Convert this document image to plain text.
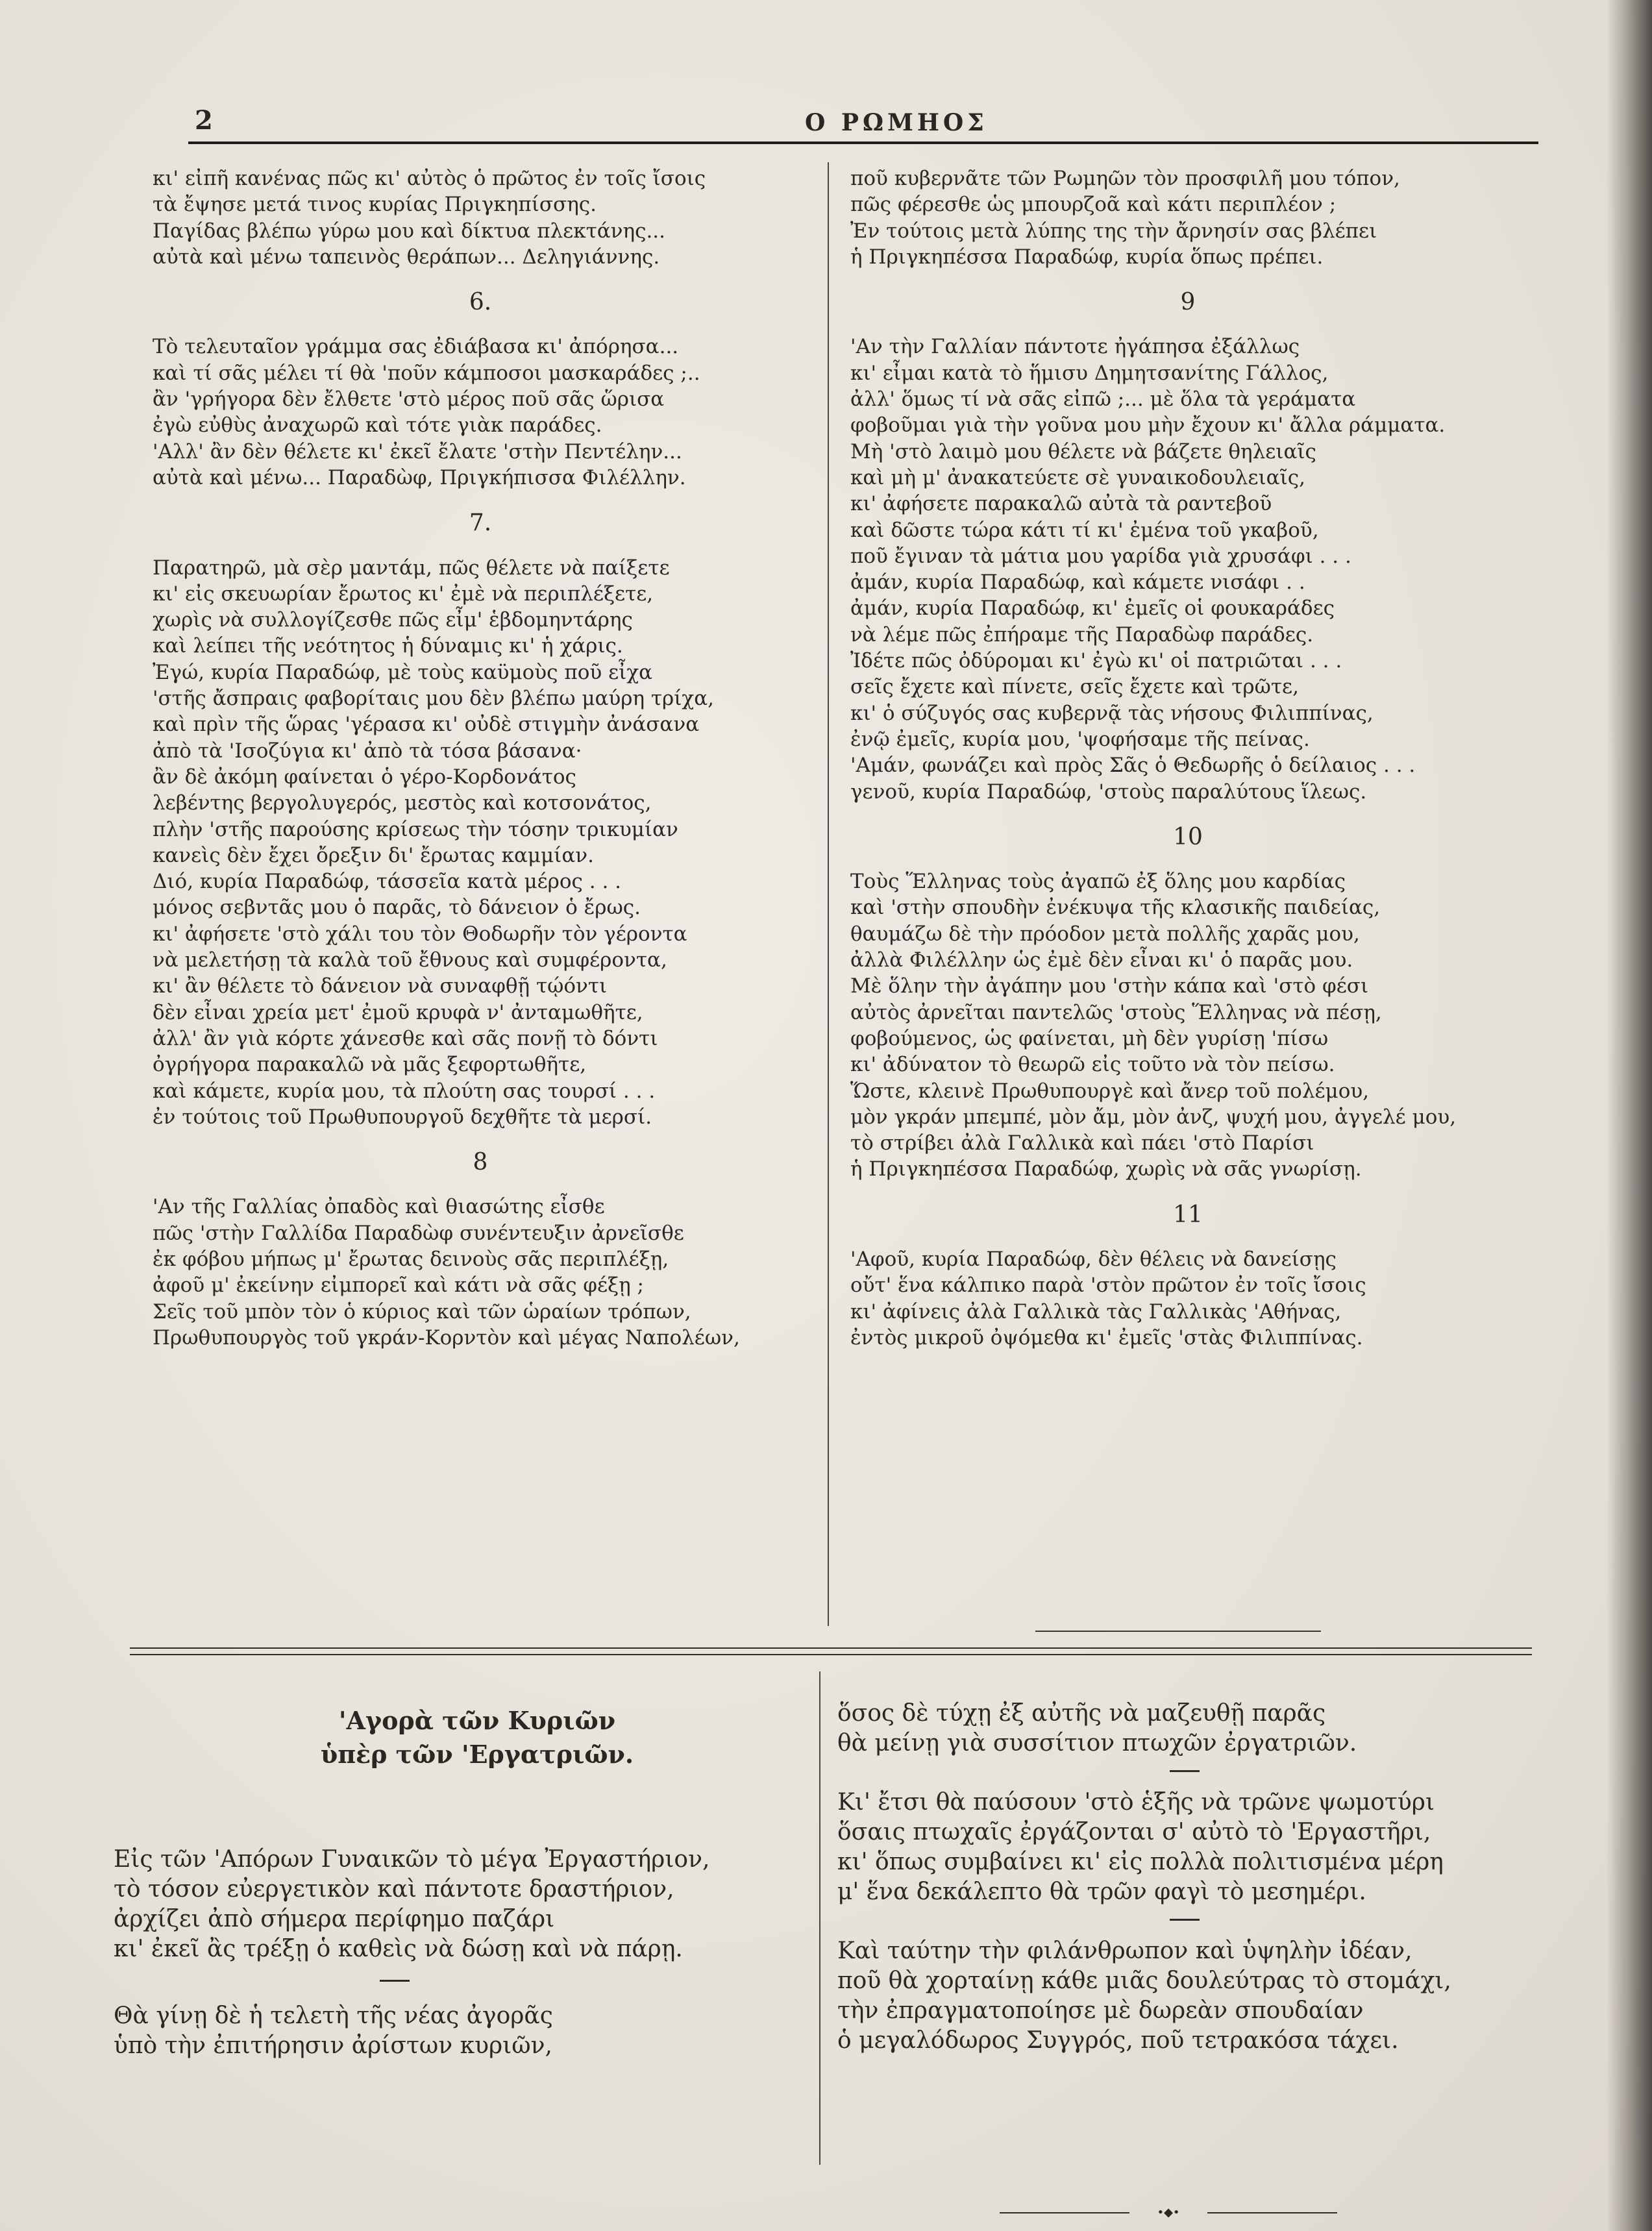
2	Ο ΡΩΜΗΟΣ
κι' εἰπῆ κανένας πῶς κι' αὐτὸς ὁ πρῶτος ἐν τοῖς ἴσοις
τὰ ἔψησε μετά τινος κυρίας Πριγκηπίσσης.
Παγίδας βλέπω γύρω μου καὶ δίκτυα πλεκτάνης...
αὐτὰ καὶ μένω ταπεινὸς θεράπων... Δεληγιάννης.
6.
Τὸ τελευταῖον γράμμα σας ἐδιάβασα κι' ἀπόρησα...
καὶ τί σᾶς μέλει τί θὰ 'ποῦν κάμποσοι μασκαράδες ;..
ἂν 'γρήγορα δὲν ἔλθετε 'στὸ μέρος ποῦ σᾶς ὥρισα
ἐγὼ εὐθὺς ἀναχωρῶ καὶ τότε γιὰκ παράδες.
'Αλλ' ἂν δὲν θέλετε κι' ἐκεῖ ἔλατε 'στὴν Πεντέλην...
αὐτὰ καὶ μένω... Παραδὼφ, Πριγκήπισσα Φιλέλλην.
7.
Παρατηρῶ, μὰ σὲρ μαντάμ, πῶς θέλετε νὰ παίξετε
κι' εἰς σκευωρίαν ἔρωτος κι' ἐμὲ νὰ περιπλέξετε,
χωρὶς νὰ συλλογίζεσθε πῶς εἶμ' ἑβδομηντάρης
καὶ λείπει τῆς νεότητος ἡ δύναμις κι' ἡ χάρις.
Ἐγώ, κυρία Παραδώφ, μὲ τοὺς καϋμοὺς ποῦ εἶχα
'στῆς ἄσπραις φαβορίταις μου δὲν βλέπω μαύρη τρίχα,
καὶ πρὶν τῆς ὥρας 'γέρασα κι' οὐδὲ στιγμὴν ἀνάσανα
ἀπὸ τὰ 'Ισοζύγια κι' ἀπὸ τὰ τόσα βάσανα·
ἂν δὲ ἀκόμη φαίνεται ὁ γέρο-Κορδονάτος
λεβέντης βεργολυγερός, μεστὸς καὶ κοτσονάτος,
πλὴν 'στῆς παρούσης κρίσεως τὴν τόσην τρικυμίαν
κανεὶς δὲν ἔχει ὄρεξιν δι' ἔρωτας καμμίαν.
Διό, κυρία Παραδώφ, τάσσεῖα κατὰ μέρος . . .
μόνος σεβντᾶς μου ὁ παρᾶς, τὸ δάνειον ὁ ἔρως.
κι' ἀφήσετε 'στὸ χάλι του τὸν Θοδωρῆν τὸν γέροντα
νὰ μελετήσῃ τὰ καλὰ τοῦ ἔθνους καὶ συμφέροντα,
κι' ἂν θέλετε τὸ δάνειον νὰ συναφθῇ τῴόντι
δὲν εἶναι χρεία μετ' ἐμοῦ κρυφὰ ν' ἀνταμωθῆτε,
ἀλλ' ἂν γιὰ κόρτε χάνεσθε καὶ σᾶς πονῇ τὸ δόντι
ὀγρήγορα παρακαλῶ νὰ μᾶς ξεφορτωθῆτε,
καὶ κάμετε, κυρία μου, τὰ πλούτη σας τουρσί . . .
ἐν τούτοις τοῦ Πρωθυπουργοῦ δεχθῆτε τὰ μερσί.
8
'Αν τῆς Γαλλίας ὀπαδὸς καὶ θιασώτης εἶσθε
πῶς 'στὴν Γαλλίδα Παραδὼφ συνέντευξιν ἀρνεῖσθε
ἐκ φόβου μήπως μ' ἔρωτας δεινοὺς σᾶς περιπλέξῃ,
ἀφοῦ μ' ἐκείνην εἰμπορεῖ καὶ κάτι νὰ σᾶς φέξῃ ;
Σεῖς τοῦ μπὸν τὸν ὁ κύριος καὶ τῶν ὡραίων τρόπων,
Πρωθυπουργὸς τοῦ γκράν-Κορντὸν καὶ μέγας Ναπολέων,
ποῦ κυβερνᾶτε τῶν Ρωμηῶν τὸν προσφιλῆ μου τόπον,
πῶς φέρεσθε ὡς μπουρζοᾶ καὶ κάτι περιπλέον ;
Ἐν τούτοις μετὰ λύπης της τὴν ἄρνησίν σας βλέπει
ἡ Πριγκηπέσσα Παραδώφ, κυρία ὅπως πρέπει.
9
'Αν τὴν Γαλλίαν πάντοτε ἠγάπησα ἐξάλλως
κι' εἶμαι κατὰ τὸ ἥμισυ Δημητσανίτης Γάλλος,
ἀλλ' ὅμως τί νὰ σᾶς εἰπῶ ;... μὲ ὅλα τὰ γεράματα
φοβοῦμαι γιὰ τὴν γοῦνα μου μὴν ἔχουν κι' ἄλλα ράμματα.
Μὴ 'στὸ λαιμὸ μου θέλετε νὰ βάζετε θηλειαῖς
καὶ μὴ μ' ἀνακατεύετε σὲ γυναικοδουλειαῖς,
κι' ἀφήσετε παρακαλῶ αὐτὰ τὰ ραντεβοῦ
καὶ δῶστε τώρα κάτι τί κι' ἐμένα τοῦ γκαβοῦ,
ποῦ ἔγιναν τὰ μάτια μου γαρίδα γιὰ χρυσάφι . . .
ἀμάν, κυρία Παραδώφ, καὶ κάμετε νισάφι . .
ἀμάν, κυρία Παραδώφ, κι' ἐμεῖς οἱ φουκαράδες
νὰ λέμε πῶς ἐπήραμε τῆς Παραδὼφ παράδες.
Ἰδέτε πῶς ὀδύρομαι κι' ἐγὼ κι' οἱ πατριῶται . . .
σεῖς ἔχετε καὶ πίνετε, σεῖς ἔχετε καὶ τρῶτε,
κι' ὁ σύζυγός σας κυβερνᾷ τὰς νήσους Φιλιππίνας,
ἐνῷ ἐμεῖς, κυρία μου, 'ψοφήσαμε τῆς πείνας.
'Αμάν, φωνάζει καὶ πρὸς Σᾶς ὁ Θεδωρῆς ὁ δείλαιος . . .
γενοῦ, κυρία Παραδώφ, 'στοὺς παραλύτους ἵλεως.
10
Τοὺς Ἕλληνας τοὺς ἀγαπῶ ἐξ ὅλης μου καρδίας
καὶ 'στὴν σπουδὴν ἐνέκυψα τῆς κλασικῆς παιδείας,
θαυμάζω δὲ τὴν πρόοδον μετὰ πολλῆς χαρᾶς μου,
ἀλλὰ Φιλέλλην ὡς ἐμὲ δὲν εἶναι κι' ὁ παρᾶς μου.
Μὲ ὅλην τὴν ἀγάπην μου 'στὴν κάπα καὶ 'στὸ φέσι
αὐτὸς ἀρνεῖται παντελῶς 'στοὺς Ἕλληνας νὰ πέσῃ,
φοβούμενος, ὡς φαίνεται, μὴ δὲν γυρίσῃ 'πίσω
κι' ἀδύνατον τὸ θεωρῶ εἰς τοῦτο νὰ τὸν πείσω.
Ὥστε, κλεινὲ Πρωθυπουργὲ καὶ ἄνερ τοῦ πολέμου,
μὸν γκράν μπεμπέ, μὸν ἄμ, μὸν ἀνζ, ψυχή μου, ἀγγελέ μου,
τὸ στρίβει ἀλὰ Γαλλικὰ καὶ πάει 'στὸ Παρίσι
ἡ Πριγκηπέσσα Παραδώφ, χωρὶς νὰ σᾶς γνωρίσῃ.
11
'Αφοῦ, κυρία Παραδώφ, δὲν θέλεις νὰ δανείσῃς
οὔτ' ἕνα κάλπικο παρὰ 'στὸν πρῶτον ἐν τοῖς ἴσοις
κι' ἀφίνεις ἀλὰ Γαλλικὰ τὰς Γαλλικὰς 'Αθήνας,
ἐντὸς μικροῦ ὀψόμεθα κι' ἐμεῖς 'στὰς Φιλιππίνας.
'Αγορὰ τῶν Κυριῶν
ὑπὲρ τῶν 'Εργατριῶν.
Εἰς τῶν 'Απόρων Γυναικῶν τὸ μέγα Ἐργαστήριον,
τὸ τόσον εὐεργετικὸν καὶ πάντοτε δραστήριον,
ἀρχίζει ἀπὸ σήμερα περίφημο παζάρι
κι' ἐκεῖ ἂς τρέξῃ ὁ καθεὶς νὰ δώσῃ καὶ νὰ πάρῃ.
Θὰ γίνῃ δὲ ἡ τελετὴ τῆς νέας ἀγορᾶς
ὑπὸ τὴν ἐπιτήρησιν ἀρίστων κυριῶν,
ὅσος δὲ τύχῃ ἐξ αὐτῆς νὰ μαζευθῇ παρᾶς
θὰ μείνῃ γιὰ συσσίτιον πτωχῶν ἐργατριῶν.
Κι' ἔτσι θὰ παύσουν 'στὸ ἑξῆς νὰ τρῶνε ψωμοτύρι
ὅσαις πτωχαῖς ἐργάζονται σ' αὐτὸ τὸ 'Εργαστῆρι,
κι' ὅπως συμβαίνει κι' εἰς πολλὰ πολιτισμένα μέρη
μ' ἕνα δεκάλεπτο θὰ τρῶν φαγὶ τὸ μεσημέρι.
Καὶ ταύτην τὴν φιλάνθρωπον καὶ ὑψηλὴν ἰδέαν,
ποῦ θὰ χορταίνῃ κάθε μιᾶς δουλεύτρας τὸ στομάχι,
τὴν ἐπραγματοποίησε μὲ δωρεὰν σπουδαίαν
ὁ μεγαλόδωρος Συγγρός, ποῦ τετρακόσα τάχει.
•◆•
